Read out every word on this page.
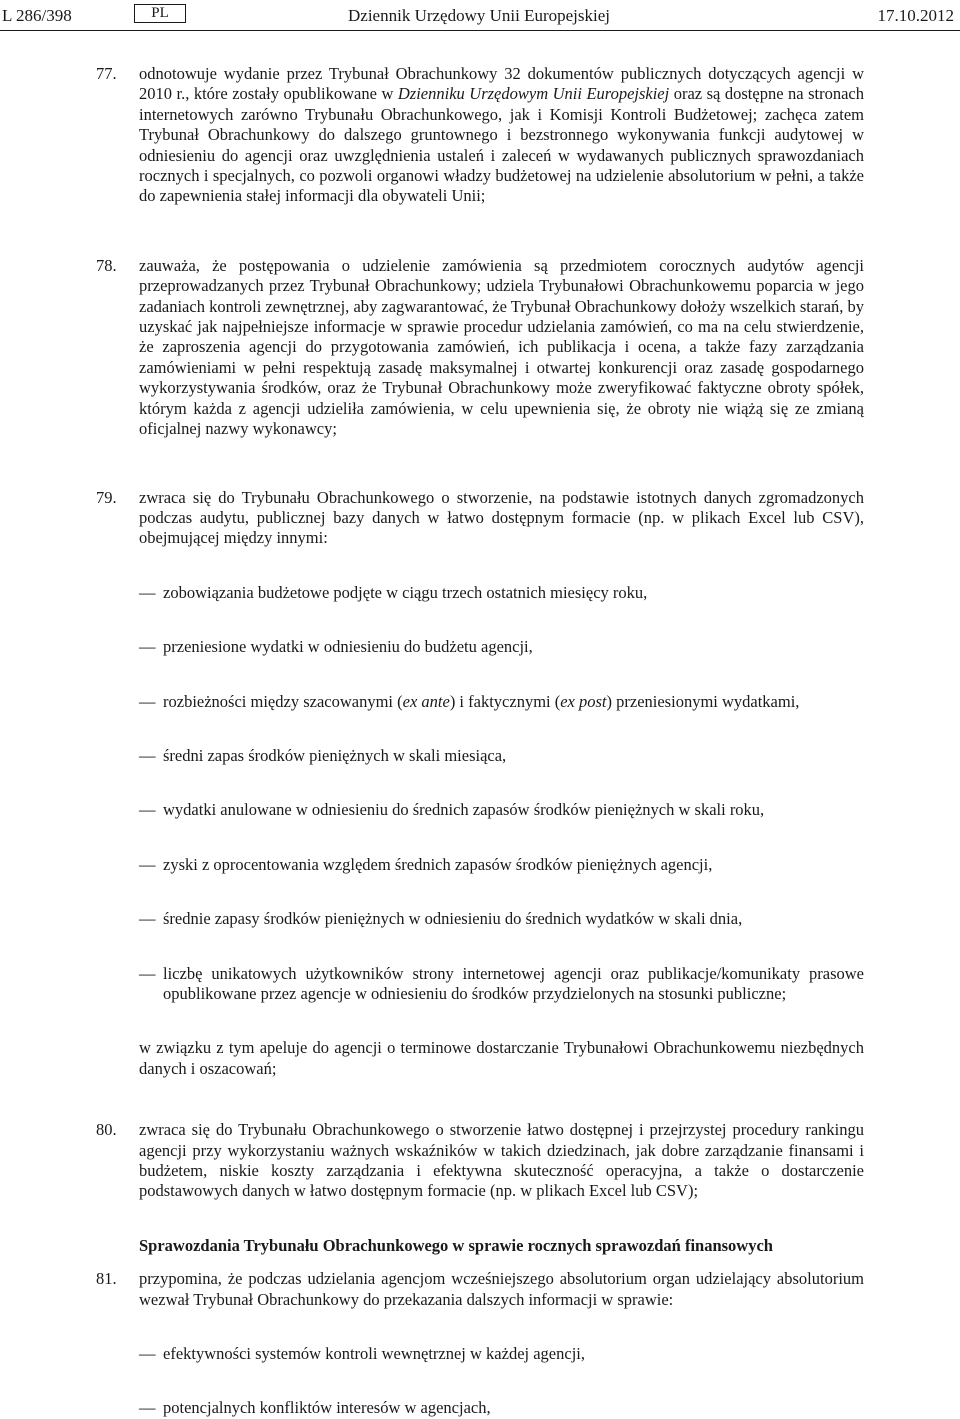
L 286/398	PL	Dziennik Urzędowy Unii Europejskiej	17.10.2012
77. odnotowuje wydanie przez Trybunał Obrachunkowy 32 dokumentów publicznych dotyczących agencji w 2010 r., które zostały opublikowane w Dzienniku Urzędowym Unii Europejskiej oraz są dostępne na stronach internetowych zarówno Trybunału Obrachunkowego, jak i Komisji Kontroli Budżetowej; zachęca zatem Trybunał Obrachunkowy do dalszego gruntownego i bezstronnego wykonywania funkcji audytowej w odniesieniu do agencji oraz uwzględnienia ustaleń i zaleceń w wydawanych publicznych sprawozdaniach rocznych i specjalnych, co pozwoli organowi władzy budżetowej na udzielenie absolutorium w pełni, a także do zapewnienia stałej informacji dla obywateli Unii;
78. zauważa, że postępowania o udzielenie zamówienia są przedmiotem corocznych audytów agencji przeprowadzanych przez Trybunał Obrachunkowy; udziela Trybunałowi Obrachunkowemu poparcia w jego zadaniach kontroli zewnętrznej, aby zagwarantować, że Trybunał Obrachunkowy dołoży wszelkich starań, by uzyskać jak najpełniejsze informacje w sprawie procedur udzielania zamówień, co ma na celu stwierdzenie, że zaproszenia agencji do przygotowania zamówień, ich publikacja i ocena, a także fazy zarządzania zamówieniami w pełni respektują zasadę maksymalnej i otwartej konkurencji oraz zasadę gospodarnego wykorzystywania środków, oraz że Trybunał Obrachunkowy może zweryfikować faktyczne obroty spółek, którym każda z agencji udzieliła zamówienia, w celu upewnienia się, że obroty nie wiążą się ze zmianą oficjalnej nazwy wykonawcy;
79. zwraca się do Trybunału Obrachunkowego o stworzenie, na podstawie istotnych danych zgromadzonych podczas audytu, publicznej bazy danych w łatwo dostępnym formacie (np. w plikach Excel lub CSV), obejmującej między innymi:
— zobowiązania budżetowe podjęte w ciągu trzech ostatnich miesięcy roku,
— przeniesione wydatki w odniesieniu do budżetu agencji,
— rozbieżności między szacowanymi (ex ante) i faktycznymi (ex post) przeniesionymi wydatkami,
— średni zapas środków pieniężnych w skali miesiąca,
— wydatki anulowane w odniesieniu do średnich zapasów środków pieniężnych w skali roku,
— zyski z oprocentowania względem średnich zapasów środków pieniężnych agencji,
— średnie zapasy środków pieniężnych w odniesieniu do średnich wydatków w skali dnia,
— liczbę unikatowych użytkowników strony internetowej agencji oraz publikacje/komunikaty prasowe opublikowane przez agencje w odniesieniu do środków przydzielonych na stosunki publiczne;
w związku z tym apeluje do agencji o terminowe dostarczanie Trybunałowi Obrachunkowemu niezbędnych danych i oszacowań;
80. zwraca się do Trybunału Obrachunkowego o stworzenie łatwo dostępnej i przejrzystej procedury rankingu agencji przy wykorzystaniu ważnych wskaźników w takich dziedzinach, jak dobre zarządzanie finansami i budżetem, niskie koszty zarządzania i efektywna skuteczność operacyjna, a także o dostarczenie podstawowych danych w łatwo dostępnym formacie (np. w plikach Excel lub CSV);
Sprawozdania Trybunału Obrachunkowego w sprawie rocznych sprawozdań finansowych
81. przypomina, że podczas udzielania agencjom wcześniejszego absolutorium organ udzielający absolutorium wezwał Trybunał Obrachunkowy do przekazania dalszych informacji w sprawie:
— efektywności systemów kontroli wewnętrznej w każdej agencji,
— potencjalnych konfliktów interesów w agencjach,
